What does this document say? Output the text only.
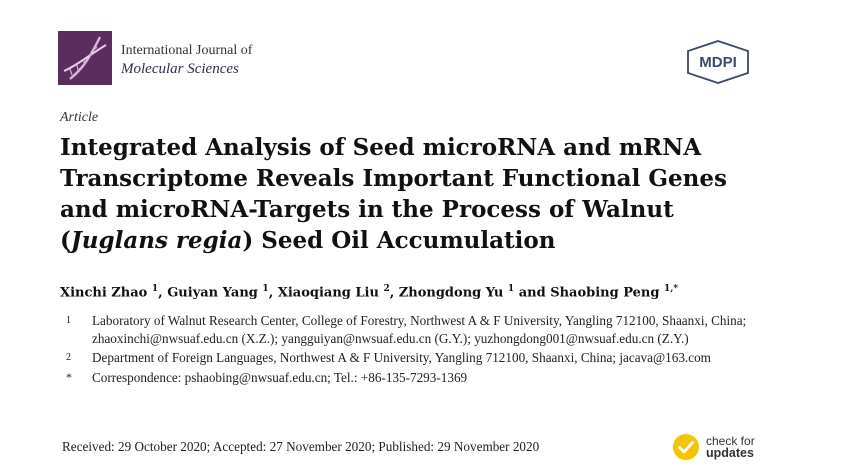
International Journal of
Molecular Sciences	MDPI
Article
Integrated Analysis of Seed microRNA and mRNA Transcriptome Reveals Important Functional Genes and microRNA-Targets in the Process of Walnut (Juglans regia) Seed Oil Accumulation
Xinchi Zhao $^1$, Guiyan Yang $^1$, Xiaoqiang Liu $^2$, Zhongdong Yu $^1$ and Shaobing Peng $^{1,*}$
1 Laboratory of Walnut Research Center, College of Forestry, Northwest A & F University, Yangling 712100, Shaanxi, China; zhaoxinchi@nwsuaf.edu.cn (X.Z.); yangguiyan@nwsuaf.edu.cn (G.Y.); yuzhongdong001@nwsuaf.edu.cn (Z.Y.)
2 Department of Foreign Languages, Northwest A & F University, Yangling 712100, Shaanxi, China; jacava@163.com
* Correspondence: pshaobing@nwsuaf.edu.cn; Tel.: +86-135-7293-1369
Received: 29 October 2020; Accepted: 27 November 2020; Published: 29 November 2020	check for
updates
